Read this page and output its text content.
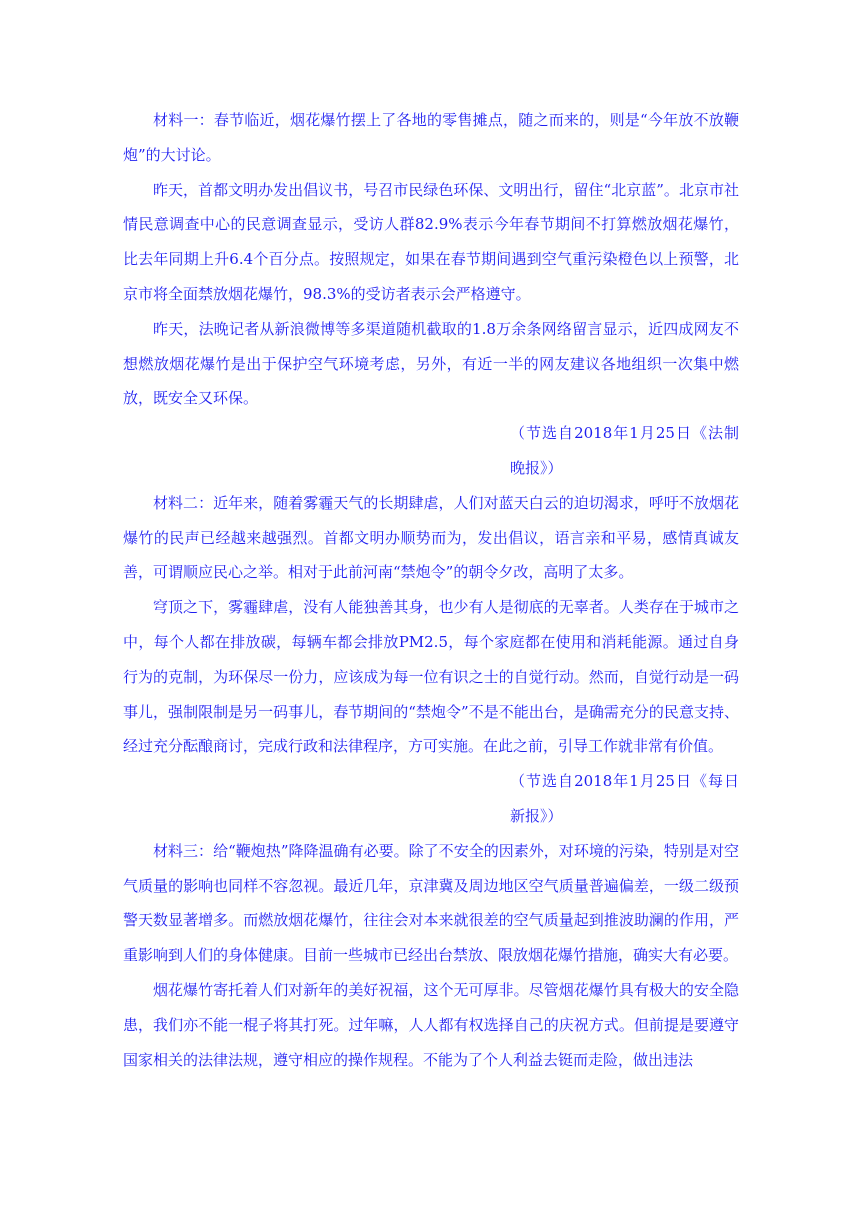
材料一：春节临近，烟花爆竹摆上了各地的零售摊点，随之而来的，则是“今年放不放鞭炮”的大讨论。

昨天，首都文明办发出倡议书，号召市民绿色环保、文明出行，留住“北京蓝”。北京市社情民意调查中心的民意调查显示，受访人群82.9%表示今年春节期间不打算燃放烟花爆竹，比去年同期上升6.4个百分点。按照规定，如果在春节期间遇到空气重污染橙色以上预警，北京市将全面禁放烟花爆竹，98.3%的受访者表示会严格遵守。

昨天，法晚记者从新浪微博等多渠道随机截取的1.8万余条网络留言显示，近四成网友不想燃放烟花爆竹是出于保护空气环境考虑，另外，有近一半的网友建议各地组织一次集中燃放，既安全又环保。

（节选自2018年1月25日《法制晚报》）

材料二：近年来，随着雾霾天气的长期肆虐，人们对蓝天白云的迫切渴求，呼吁不放烟花爆竹的民声已经越来越强烈。首都文明办顺势而为，发出倡议，语言亲和平易，感情真诚友善，可谓顺应民心之举。相对于此前河南“禁炮令”的朝令夕改，高明了太多。

穹顶之下，雾霾肆虐，没有人能独善其身，也少有人是彻底的无辜者。人类存在于城市之中，每个人都在排放碳，每辆车都会排放PM2.5，每个家庭都在使用和消耗能源。通过自身行为的克制，为环保尽一份力，应该成为每一位有识之士的自觉行动。然而，自觉行动是一码事儿，强制限制是另一码事儿，春节期间的“禁炮令”不是不能出台，是确需充分的民意支持、经过充分酝酿商讨，完成行政和法律程序，方可实施。在此之前，引导工作就非常有价值。

（节选自2018年1月25日《每日新报》）

材料三：给“鞭炮热”降降温确有必要。除了不安全的因素外，对环境的污染，特别是对空气质量的影响也同样不容忽视。最近几年，京津冀及周边地区空气质量普遍偏差，一级二级预警天数显著增多。而燃放烟花爆竹，往往会对本来就很差的空气质量起到推波助澜的作用，严重影响到人们的身体健康。目前一些城市已经出台禁放、限放烟花爆竹措施，确实大有必要。

烟花爆竹寄托着人们对新年的美好祝福，这个无可厚非。尽管烟花爆竹具有极大的安全隐患，我们亦不能一棍子将其打死。过年嘛，人人都有权选择自己的庆祝方式。但前提是要遵守国家相关的法律法规，遵守相应的操作规程。不能为了个人利益去铤而走险，做出违法
